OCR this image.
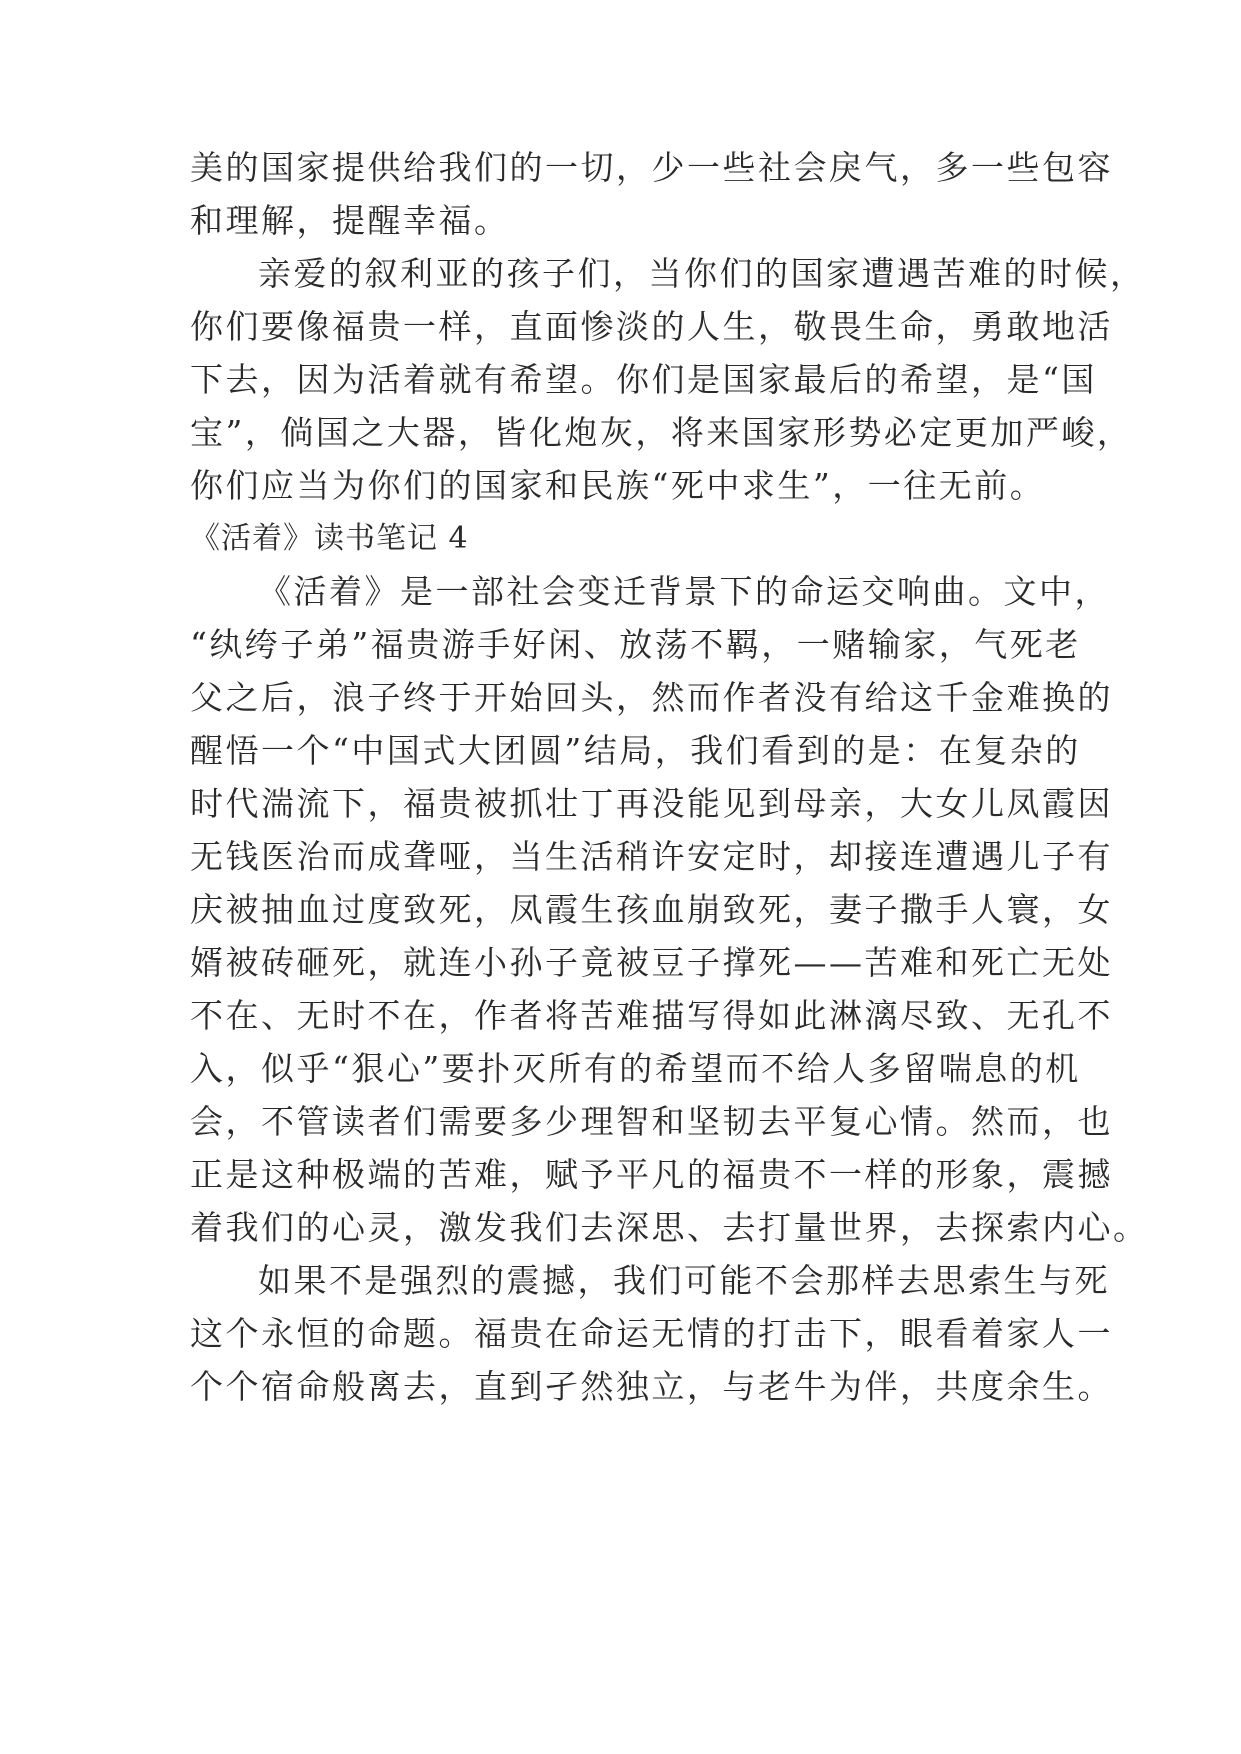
美的国家提供给我们的一切，少一些社会戾气，多一些包容
和理解，提醒幸福。
亲爱的叙利亚的孩子们，当你们的国家遭遇苦难的时候，
你们要像福贵一样，直面惨淡的人生，敬畏生命，勇敢地活
下去，因为活着就有希望。你们是国家最后的希望，是“国
宝”，倘国之大器，皆化炮灰，将来国家形势必定更加严峻，
你们应当为你们的国家和民族“死中求生”，一往无前。
《活着》读书笔记 4
《活着》是一部社会变迁背景下的命运交响曲。文中，
“纨绔子弟”福贵游手好闲、放荡不羁，一赌输家，气死老
父之后，浪子终于开始回头，然而作者没有给这千金难换的
醒悟一个“中国式大团圆”结局，我们看到的是：在复杂的
时代湍流下，福贵被抓壮丁再没能见到母亲，大女儿凤霞因
无钱医治而成聋哑，当生活稍许安定时，却接连遭遇儿子有
庆被抽血过度致死，凤霞生孩血崩致死，妻子撒手人寰，女
婿被砖砸死，就连小孙子竟被豆子撑死——苦难和死亡无处
不在、无时不在，作者将苦难描写得如此淋漓尽致、无孔不
入，似乎“狠心”要扑灭所有的希望而不给人多留喘息的机
会，不管读者们需要多少理智和坚韧去平复心情。然而，也
正是这种极端的苦难，赋予平凡的福贵不一样的形象，震撼
着我们的心灵，激发我们去深思、去打量世界，去探索内心。
如果不是强烈的震撼，我们可能不会那样去思索生与死
这个永恒的命题。福贵在命运无情的打击下，眼看着家人一
个个宿命般离去，直到孑然独立，与老牛为伴，共度余生。
